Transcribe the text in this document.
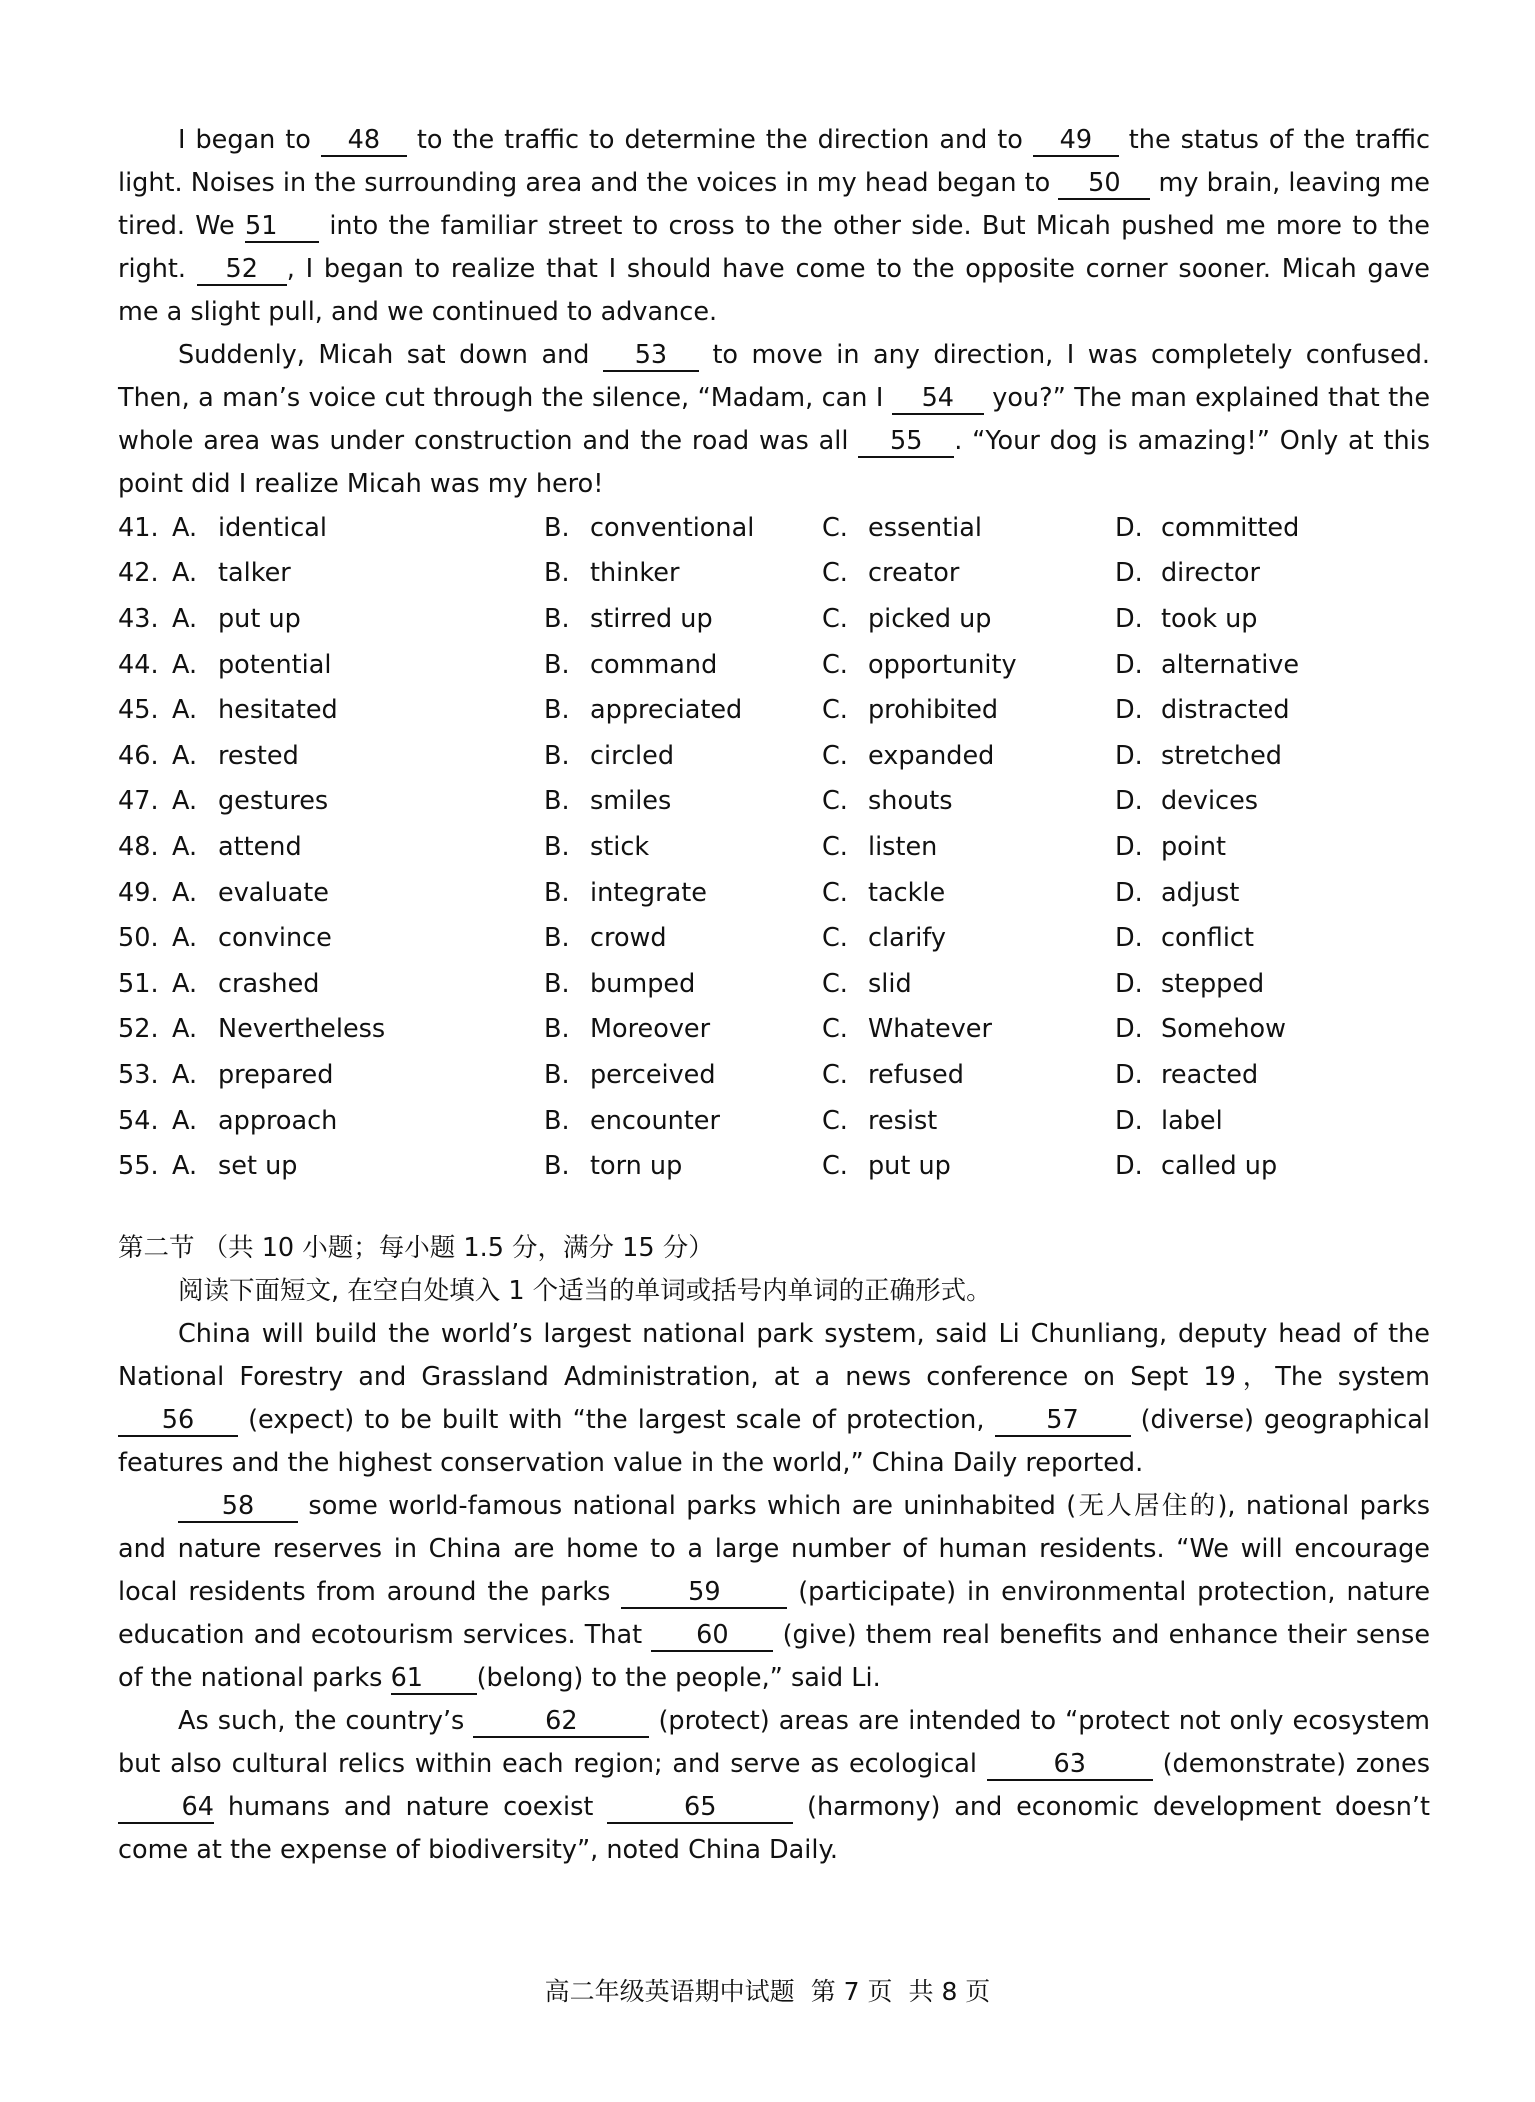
I began to 48 to the traffic to determine the direction and to 49 the status of the traffic light. Noises in the surrounding area and the voices in my head began to 50 my brain, leaving me tired. We 51 into the familiar street to cross to the other side. But Micah pushed me more to the right. 52 , I began to realize that I should have come to the opposite corner sooner. Micah gave me a slight pull, and we continued to advance.

Suddenly, Micah sat down and 53 to move in any direction, I was completely confused. Then, a man’s voice cut through the silence, “Madam, can I 54 you?” The man explained that the whole area was under construction and the road was all 55 . “Your dog is amazing!” Only at this point did I realize Micah was my hero!

41.	A. identical	B. conventional	C. essential	D. committed
42.	A. talker	B. thinker	C. creator	D. director
43.	A. put up	B. stirred up	C. picked up	D. took up
44.	A. potential	B. command	C. opportunity	D. alternative
45.	A. hesitated	B. appreciated	C. prohibited	D. distracted
46.	A. rested	B. circled	C. expanded	D. stretched
47.	A. gestures	B. smiles	C. shouts	D. devices
48.	A. attend	B. stick	C. listen	D. point
49.	A. evaluate	B. integrate	C. tackle	D. adjust
50.	A. convince	B. crowd	C. clarify	D. conflict
51.	A. crashed	B. bumped	C. slid	D. stepped
52.	A. Nevertheless	B. Moreover	C. Whatever	D. Somehow
53.	A. prepared	B. perceived	C. refused	D. reacted
54.	A. approach	B. encounter	C. resist	D. label
55.	A. set up	B. torn up	C. put up	D. called up

第二节 （共 10 小题；每小题 1.5 分，满分 15 分）

阅读下面短文, 在空白处填入 1 个适当的单词或括号内单词的正确形式。

China will build the world’s largest national park system, said Li Chunliang, deputy head of the National Forestry and Grassland Administration, at a news conference on Sept 19，The system 56 (expect) to be built with “the largest scale of protection, 57 (diverse) geographical features and the highest conservation value in the world,” China Daily reported.

58 some world-famous national parks which are uninhabited (无人居住的), national parks and nature reserves in China are home to a large number of human residents. “We will encourage local residents from around the parks	59	(participate) in environmental protection, nature education and ecotourism services. That 60 (give) them real benefits and enhance their sense of the national parks 61 (belong) to the people,” said Li.

As such, the country’s	62	(protect) areas are intended to “protect not only ecosystem but also cultural relics within each region; and serve as ecological	63	(demonstrate) zones 64 humans and nature coexist	65	(harmony) and economic development doesn’t come at the expense of biodiversity”, noted China Daily.

高二年级英语期中试题 第 7 页 共 8 页
